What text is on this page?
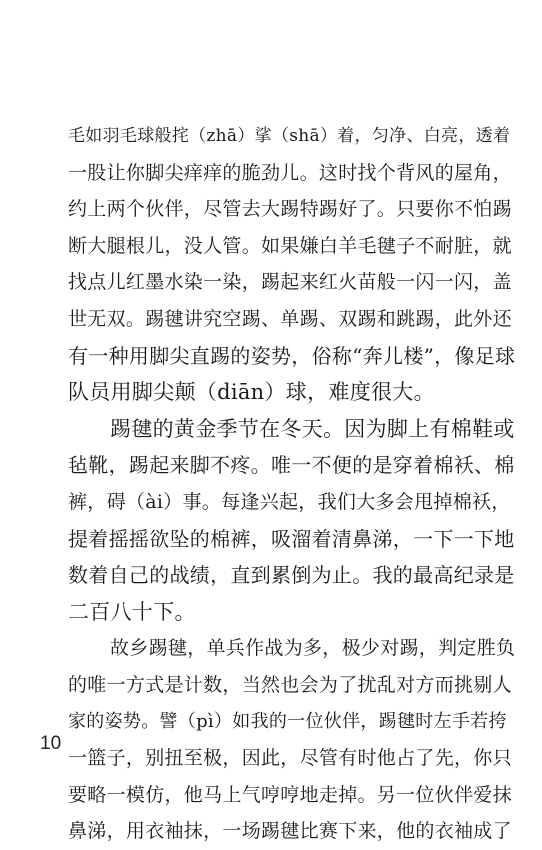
毛如羽毛球般挓（zhā）挲（shā）着，匀净、白亮，透着
一股让你脚尖痒痒的脆劲儿。这时找个背风的屋角，
约上两个伙伴，尽管去大踢特踢好了。只要你不怕踢
断大腿根儿，没人管。如果嫌白羊毛毽子不耐脏，就
找点儿红墨水染一染，踢起来红火苗般一闪一闪，盖
世无双。踢毽讲究空踢、单踢、双踢和跳踢，此外还
有一种用脚尖直踢的姿势，俗称“奔儿楼”，像足球
队员用脚尖颠（diān）球，难度很大。
踢毽的黄金季节在冬天。因为脚上有棉鞋或
毡靴，踢起来脚不疼。唯一不便的是穿着棉袄、棉
裤，碍（ài）事。每逢兴起，我们大多会甩掉棉袄，
提着摇摇欲坠的棉裤，吸溜着清鼻涕，一下一下地
数着自己的战绩，直到累倒为止。我的最高纪录是
二百八十下。
故乡踢毽，单兵作战为多，极少对踢，判定胜负
的唯一方式是计数，当然也会为了扰乱对方而挑剔人
家的姿势。譬（pì）如我的一位伙伴，踢毽时左手若挎
一篮子，别扭至极，因此，尽管有时他占了先，你只
要略一模仿，他马上气哼哼地走掉。另一位伙伴爱抹
鼻涕，用衣袖抹，一场踢毽比赛下来，他的衣袖成了
10
